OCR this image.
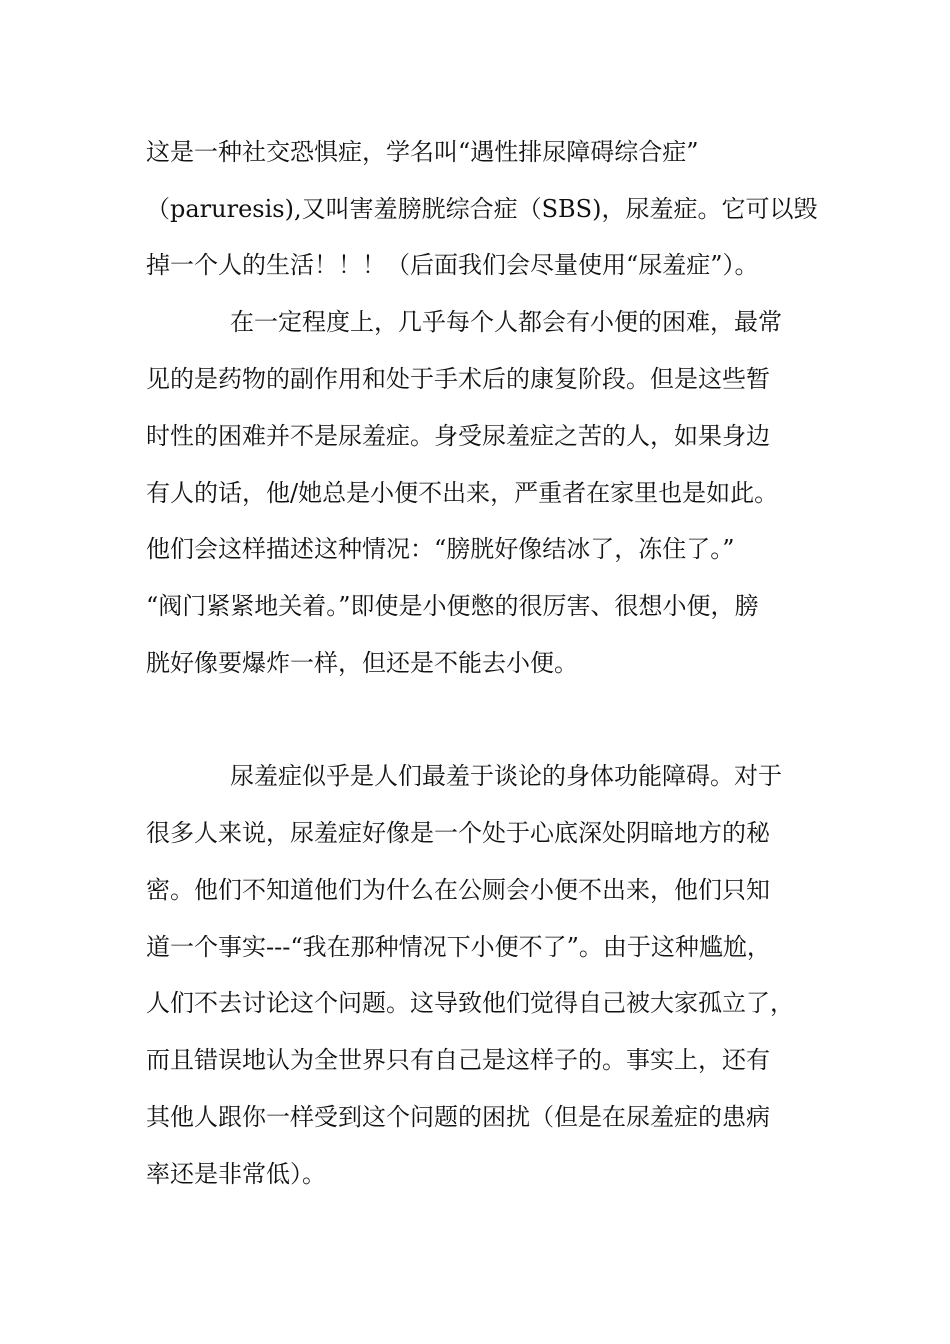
这是一种社交恐惧症，学名叫“遇性排尿障碍综合症”

（paruresis),又叫害羞膀胱综合症（SBS)，尿羞症。它可以毁

掉一个人的生活！！！（后面我们会尽量使用“尿羞症”）。

在一定程度上，几乎每个人都会有小便的困难，最常

见的是药物的副作用和处于手术后的康复阶段。但是这些暂

时性的困难并不是尿羞症。身受尿羞症之苦的人，如果身边

有人的话，他/她总是小便不出来，严重者在家里也是如此。

他们会这样描述这种情况：“膀胱好像结冰了，冻住了。”

“阀门紧紧地关着。”即使是小便憋的很厉害、很想小便，膀

胱好像要爆炸一样，但还是不能去小便。

尿羞症似乎是人们最羞于谈论的身体功能障碍。对于

很多人来说，尿羞症好像是一个处于心底深处阴暗地方的秘

密。他们不知道他们为什么在公厕会小便不出来，他们只知

道一个事实---“我在那种情况下小便不了”。由于这种尴尬，

人们不去讨论这个问题。这导致他们觉得自己被大家孤立了，

而且错误地认为全世界只有自己是这样子的。事实上，还有

其他人跟你一样受到这个问题的困扰（但是在尿羞症的患病

率还是非常低）。
